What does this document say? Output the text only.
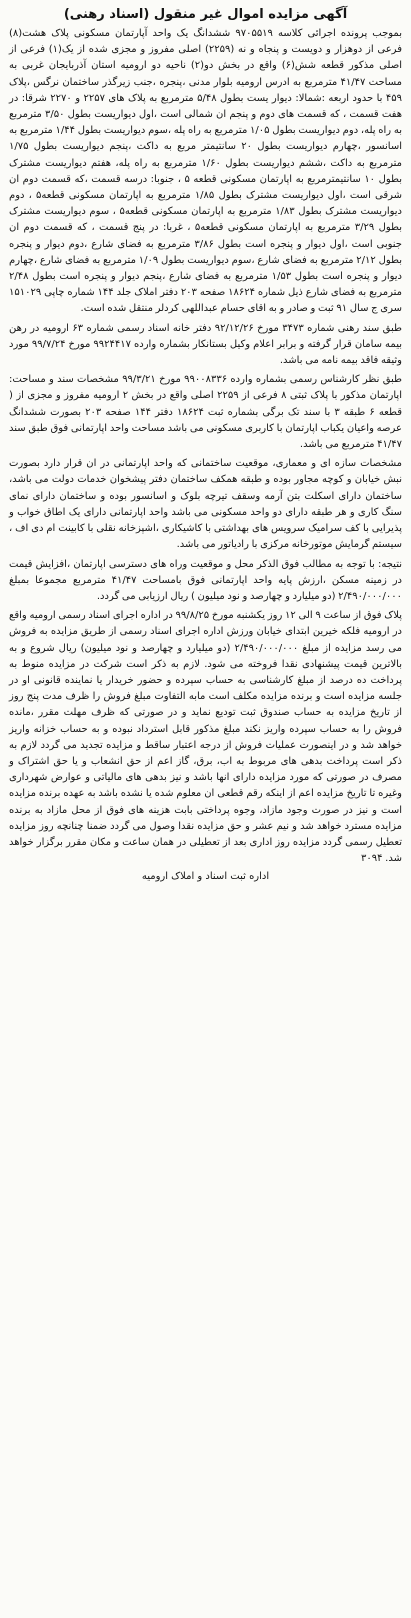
آگهی مزایده اموال غیر منقول (اسناد رهنی)

بموجب پرونده اجرائی کلاسه ۹۷۰۵۵۱۹ ششدانگ یک واحد آپارتمان مسکونی پلاک هشت(۸) فرعی از دوهزار و دویست و پنجاه و نه (۲۲۵۹) اصلی مفروز و مجزی شده از یک(۱) فرعی از اصلی مذکور قطعه شش(۶) واقع در بخش دو(۲) ناحیه دو ارومیه استان آذربایجان غربی به مساحت ۴۱/۴۷ مترمربع به ادرس ارومیه بلوار مدنی ،پنجره ،جنب زیرگذر ساختمان نرگس ،پلاک ۴۵۹ با حدود اربعه :شمالا: دیوار یست بطول ۵/۴۸ مترمربع به پلاک های ۲۲۵۷ و ۲۲۷۰ شرقا: در هفت قسمت ، که قسمت های دوم و پنجم ان شمالی است ،اول دیواریست بطول ۳/۵۰ مترمربع به راه پله، دوم دیواریست بطول ۱/۰۵ مترمربع به راه پله ،سوم دیواریست بطول ۱/۴۴ مترمربع به اسانسور ،چهارم دیواریست بطول ۲۰ سانتیمتر مربع به داکت ،پنجم دیواریست بطول ۱/۷۵ مترمربع به داکت ،ششم دیواریست بطول ۱/۶۰ مترمربع به راه پله، هفتم دیواریست مشترک بطول ۱۰ سانتیمترمربع به اپارتمان مسکونی قطعه ۵ ، جنوبا: درسه قسمت ،که قسمت دوم ان شرقی است ،اول دیواریست مشترک بطول ۱/۸۵ مترمربع به اپارتمان مسکونی قطعه۵ ، دوم دیواریست مشترک بطول ۱/۸۳ مترمربع به اپارتمان مسکونی قطعه۵ ، سوم دیواریست مشترک بطول ۳/۲۹ مترمربع به اپارتمان مسکونی قطعه۵ ، غربا: در پنج قسمت ، که قسمت دوم ان جنوبی است ،اول دیوار و پنجره است بطول ۳/۸۶ مترمربع به فضای شارع ،دوم دیوار و پنجره بطول ۲/۱۲ مترمربع به فضای شارع ،سوم دیواریست بطول ۱/۰۹ مترمربع به فضای شارع ،چهارم دیوار و پنجره است بطول ۱/۵۳ مترمربع به فضای شارع ،پنجم دیوار و پنجره است بطول ۲/۴۸ مترمربع به فضای شارع ذیل شماره ۱۸۶۲۴ صفحه ۲۰۳ دفتر املاک جلد ۱۴۴ شماره چاپی ۱۵۱۰۲۹ سری ج سال ۹۱ ثبت و صادر و به اقای حسام عبداللهی کردلر منتقل شده است.

طبق سند رهنی شماره ۳۴۷۳ مورخ ۹۲/۱۲/۲۶ دفتر خانه اسناد رسمی شماره ۶۳ ارومیه در رهن بیمه سامان قرار گرفته و برابر اعلام وکیل بستانکار بشماره وارده ۹۹۲۴۴۱۷ مورخ ۹۹/۷/۲۴ مورد وثیقه فاقد بیمه نامه می باشد.

طبق نظر کارشناس رسمی بشماره وارده ۹۹۰۰۸۳۳۶ مورخ ۹۹/۳/۲۱ مشخصات سند و مساحت: اپارتمان مذکور با پلاک ثبتی ۸ فرعی از ۲۲۵۹ اصلی واقع در بخش ۲ ارومیه مفروز و مجزی از ( قطعه ۶ طبقه ۳ با سند تک برگی بشماره ثبت ۱۸۶۲۴ دفتر ۱۴۴ صفحه ۲۰۳ بصورت ششدانگ عرصه واعیان یکباب اپارتمان با کاربری مسکونی می باشد مساحت واحد اپارتمانی فوق طبق سند ۴۱/۴۷ مترمربع می باشد.

مشخصات سازه ای و معماری، موقعیت ساختمانی که واحد اپارتمانی در ان قرار دارد بصورت نبش خیابان و کوچه مجاور بوده و طبقه همکف ساختمان دفتر پیشخوان خدمات دولت می باشد، ساختمان دارای اسکلت بتن آرمه وسقف تیرچه بلوک و اسانسور بوده و ساختمان دارای نمای سنگ کاری و هر طبقه دارای دو واحد مسکونی می باشد واحد اپارتمانی دارای یک اطاق خواب و پذیرایی با کف سرامیک سرویس های بهداشتی با کاشیکاری ،اشپزخانه نقلی با کابینت ام دی اف ، سیستم گرمایش موتورخانه مرکزی با رادیاتور می باشد.

نتیجه: با توجه به مطالب فوق الذکر محل و موقعیت وراه های دسترسی اپارتمان ،افزایش قیمت در زمینه مسکن ،ارزش پایه واحد اپارتمانی فوق بامساحت ۴۱/۴۷ مترمربع مجموعا بمبلغ ۲/۴۹۰/۰۰۰/۰۰۰ (دو میلیارد و چهارصد و نود میلیون ) ریال ارزیابی می گردد.

پلاک فوق از ساعت ۹ الی ۱۲ روز یکشنبه مورخ ۹۹/۸/۲۵ در اداره اجرای اسناد رسمی ارومیه واقع در ارومیه فلکه خیرین ابتدای خیابان ورزش اداره اجرای اسناد رسمی از طریق مزایده به فروش می رسد مزایده از مبلغ ۲/۴۹۰/۰۰۰/۰۰۰ (دو میلیارد و چهارصد و نود میلیون) ریال شروع و به بالاترین قیمت پیشنهادی نقدا فروخته می شود. لازم به ذکر است شرکت در مزایده منوط به پرداخت ده درصد از مبلغ کارشناسی به حساب سپرده و حضور خریدار یا نماینده قانونی او در جلسه مزایده است و برنده مزایده مکلف است مابه التفاوت مبلغ فروش را ظرف مدت پنج روز از تاریخ مزایده به حساب صندوق ثبت تودیع نماید و در صورتی که ظرف مهلت مقرر ،مانده فروش را به حساب سپرده واریز نکند مبلغ مذکور قابل استرداد نبوده و به حساب خزانه واریز خواهد شد و در اینصورت عملیات فروش از درجه اعتبار ساقط و مزایده تجدید می گردد لازم به ذکر است پرداخت بدهی های مربوط به اب، برق، گاز اعم از حق انشعاب و یا حق اشتراک و مصرف در صورتی که مورد مزایده دارای انها باشد و نیز بدهی های مالیاتی و عوارض شهرداری وغیره تا تاریخ مزایده اعم از اینکه رقم قطعی ان معلوم شده یا نشده باشد به عهده برنده مزایده است و نیز در صورت وجود مازاد، وجوه پرداختی بابت هزینه های فوق از محل مازاد به برنده مزایده مسترد خواهد شد و نیم عشر و حق مزایده نقدا وصول می گردد ضمنا چنانچه روز مزایده تعطیل رسمی گردد مزایده روز اداری بعد از تعطیلی در همان ساعت و مکان مقرر برگزار خواهد شد. ۳۰۹۴

اداره ثبت اسناد و املاک ارومیه
